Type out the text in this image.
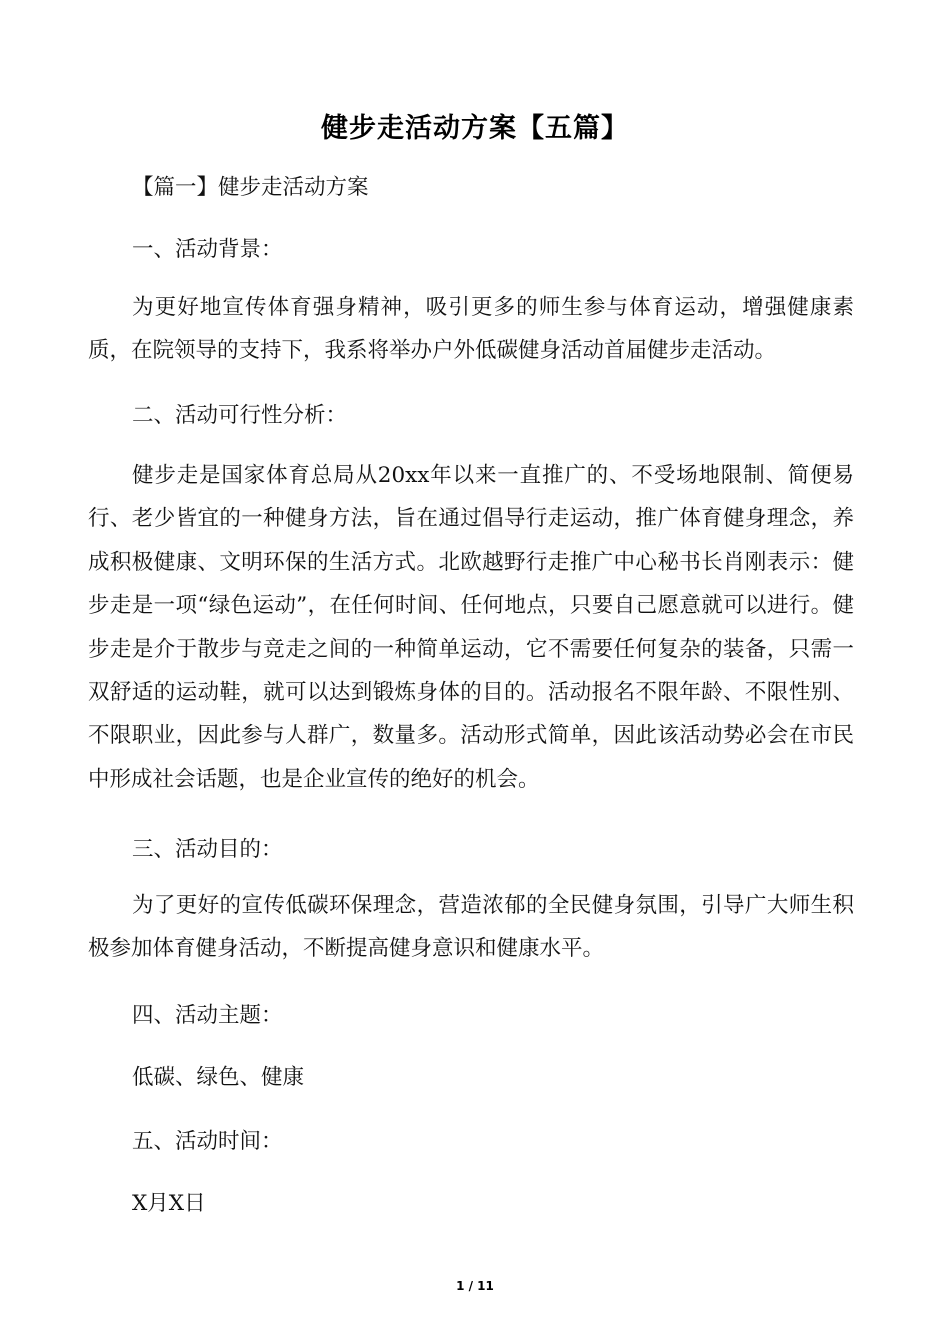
健步走活动方案【五篇】
【篇一】健步走活动方案
一、活动背景：
为更好地宣传体育强身精神，吸引更多的师生参与体育运动，增强健康素质，在院领导的支持下，我系将举办户外低碳健身活动首届健步走活动。
二、活动可行性分析：
健步走是国家体育总局从20xx年以来一直推广的、不受场地限制、简便易行、老少皆宜的一种健身方法，旨在通过倡导行走运动，推广体育健身理念，养成积极健康、文明环保的生活方式。北欧越野行走推广中心秘书长肖刚表示：健步走是一项“绿色运动”，在任何时间、任何地点，只要自己愿意就可以进行。健步走是介于散步与竞走之间的一种简单运动，它不需要任何复杂的装备，只需一双舒适的运动鞋，就可以达到锻炼身体的目的。活动报名不限年龄、不限性别、不限职业，因此参与人群广，数量多。活动形式简单，因此该活动势必会在市民中形成社会话题，也是企业宣传的绝好的机会。
三、活动目的：
为了更好的宣传低碳环保理念，营造浓郁的全民健身氛围，引导广大师生积极参加体育健身活动，不断提高健身意识和健康水平。
四、活动主题：
低碳、绿色、健康
五、活动时间：
X月X日
1 / 11
